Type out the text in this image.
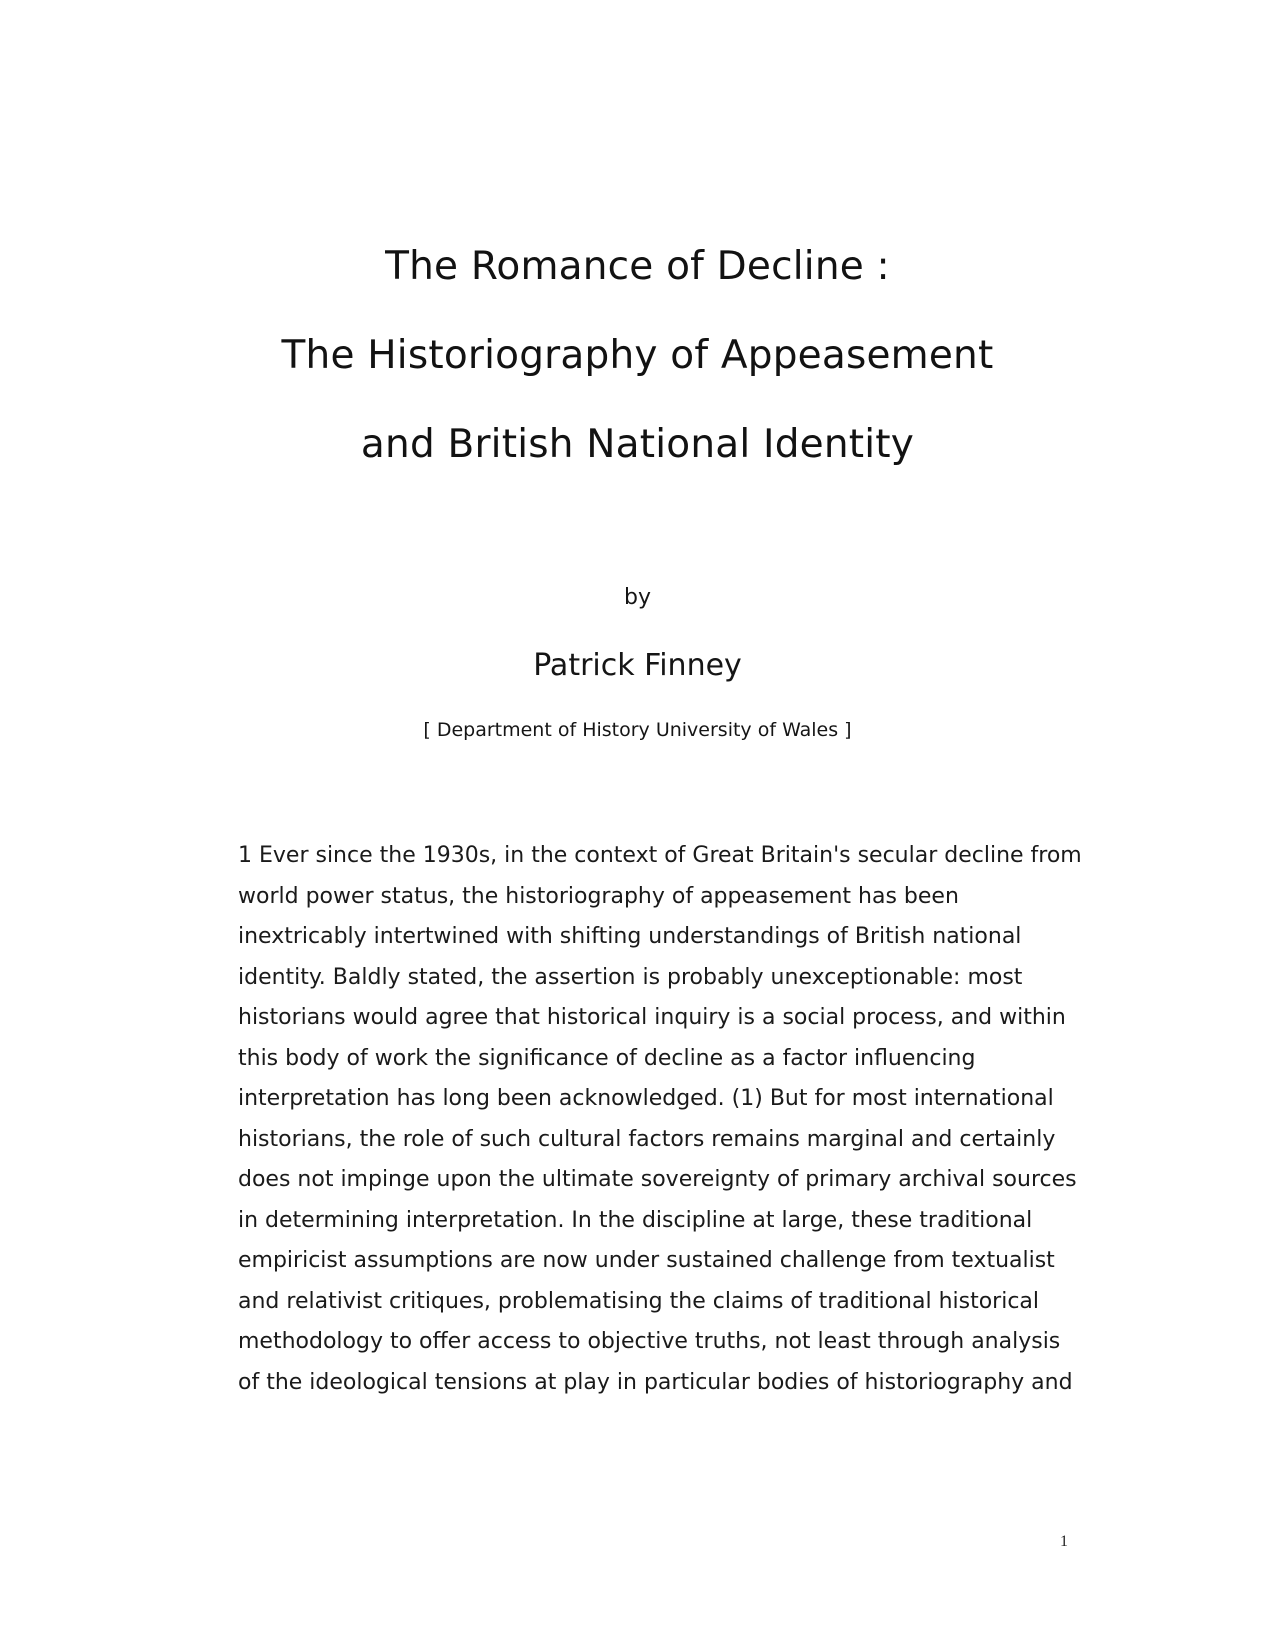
The Romance of Decline :
The Historiography of Appeasement
and British National Identity
by
Patrick Finney
[ Department of History University of Wales ]
1 Ever since the 1930s, in the context of Great Britain's secular decline from
world power status, the historiography of appeasement has been
inextricably intertwined with shifting understandings of British national
identity. Baldly stated, the assertion is probably unexceptionable: most
historians would agree that historical inquiry is a social process, and within
this body of work the significance of decline as a factor influencing
interpretation has long been acknowledged. (1) But for most international
historians, the role of such cultural factors remains marginal and certainly
does not impinge upon the ultimate sovereignty of primary archival sources
in determining interpretation. In the discipline at large, these traditional
empiricist assumptions are now under sustained challenge from textualist
and relativist critiques, problematising the claims of traditional historical
methodology to offer access to objective truths, not least through analysis
of the ideological tensions at play in particular bodies of historiography and
1
